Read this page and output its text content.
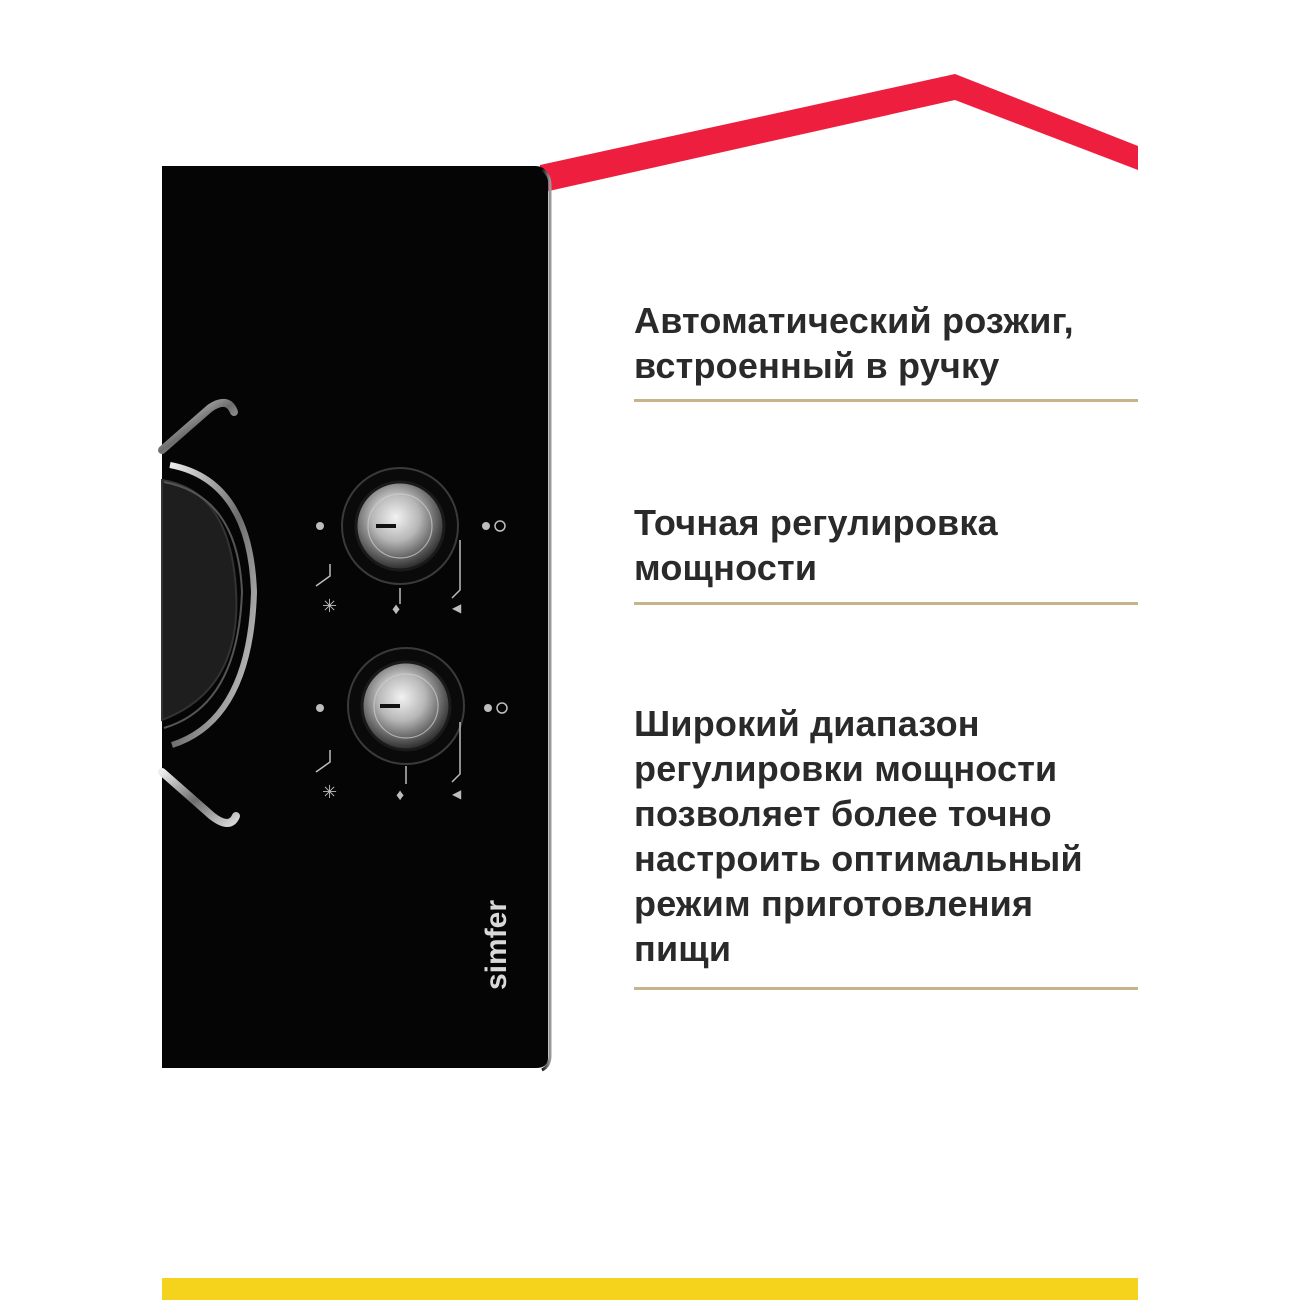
✳	♦	◀
✳	♦	◀
simfer

Автоматический розжиг, встроенный в ручку

Точная регулировка мощности

Широкий диапазон регулировки мощности позволяет более точно настроить оптимальный режим приготовления пищи
